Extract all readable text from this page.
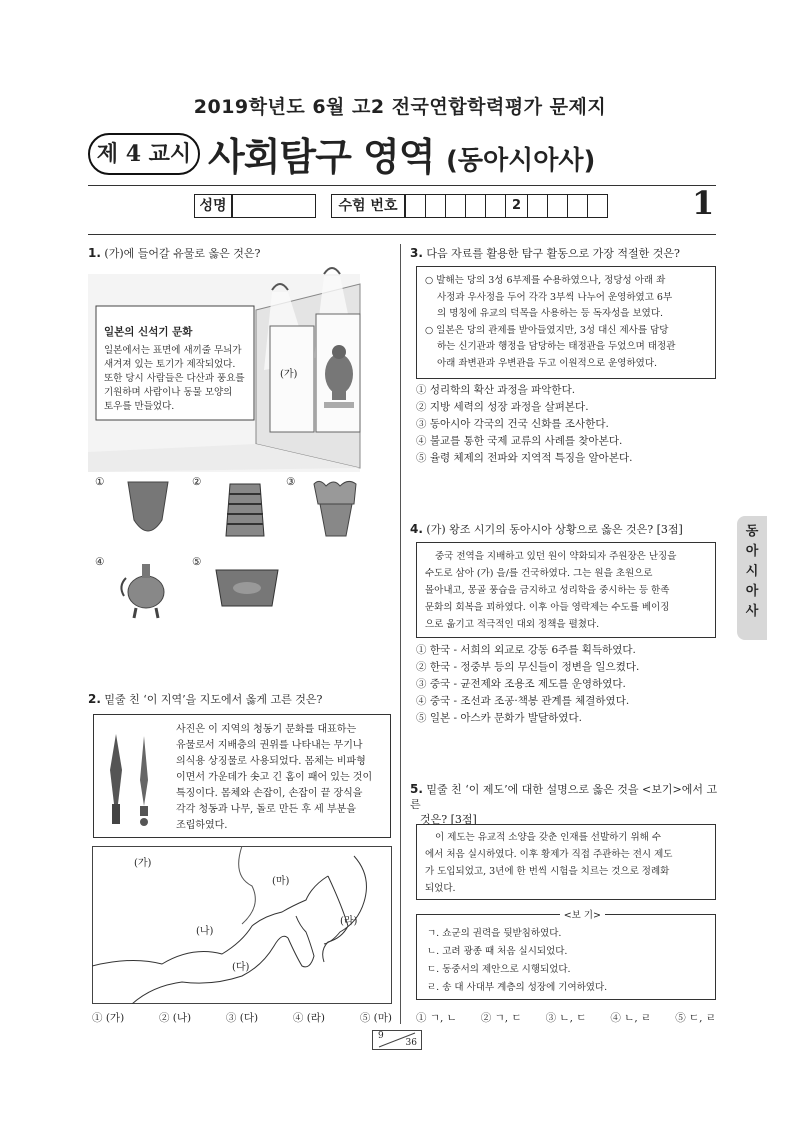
2019학년도 6월 고2 전국연합학력평가 문제지
제 4 교시 사회탐구 영역 (동아시아사)
성명	수험 번호	2	1
1. (가)에 들어갈 유물로 옳은 것은?
일본의 신석기 문화
일본에서는 표면에 새끼줄 무늬가
새겨져 있는 토기가 제작되었다.
또한 당시 사람들은 다산과 풍요를
기원하며 사람이나 동물 모양의
토우를 만들었다.
(가)
①	②	③
④	⑤
2. 밑줄 친 ‘이 지역’을 지도에서 옳게 고른 것은?
사진은 이 지역의 청동기 문화를 대표하는
유물로서 지배층의 권위를 나타내는 무기나
의식용 상징물로 사용되었다. 몸체는 비파형
이면서 가운데가 솟고 긴 홈이 패어 있는 것이
특징이다. 몸체와 손잡이, 손잡이 끝 장식을
각각 청동과 나무, 돌로 만든 후 세 부분을
조립하였다.
(가)
(나)
(다)
(라)
(마)
① (가)	② (나)	③ (다)	④ (라)	⑤ (마)
3. 다음 자료를 활용한 탐구 활동으로 가장 적절한 것은?
○ 발해는 당의 3성 6부제를 수용하였으나, 정당성 아래 좌
사정과 우사정을 두어 각각 3부씩 나누어 운영하였고 6부
의 명칭에 유교의 덕목을 사용하는 등 독자성을 보였다.
○ 일본은 당의 관제를 받아들였지만, 3성 대신 제사를 담당
하는 신기관과 행정을 담당하는 태정관을 두었으며 태정관
아래 좌변관과 우변관을 두고 이원적으로 운영하였다.
① 성리학의 확산 과정을 파악한다.
② 지방 세력의 성장 과정을 살펴본다.
③ 동아시아 각국의 건국 신화를 조사한다.
④ 불교를 통한 국제 교류의 사례를 찾아본다.
⑤ 율령 체제의 전파와 지역적 특징을 알아본다.
4. (가) 왕조 시기의 동아시아 상황으로 옳은 것은? [3점]
중국 전역을 지배하고 있던 원이 약화되자 주원장은 난징을
수도로 삼아 (가) 을/를 건국하였다. 그는 원을 초원으로
몰아내고, 몽골 풍습을 금지하고 성리학을 중시하는 등 한족
문화의 회복을 꾀하였다. 이후 아들 영락제는 수도를 베이징
으로 옮기고 적극적인 대외 정책을 펼쳤다.
① 한국 - 서희의 외교로 강동 6주를 획득하였다.
② 한국 - 정중부 등의 무신들이 정변을 일으켰다.
③ 중국 - 균전제와 조용조 제도를 운영하였다.
④ 중국 - 조선과 조공·책봉 관계를 체결하였다.
⑤ 일본 - 아스카 문화가 발달하였다.
5. 밑줄 친 ‘이 제도’에 대한 설명으로 옳은 것을 <보기>에서 고른
것은? [3점]
이 제도는 유교적 소양을 갖춘 인재를 선발하기 위해 수
에서 처음 실시하였다. 이후 황제가 직접 주관하는 전시 제도
가 도입되었고, 3년에 한 번씩 시험을 치르는 것으로 정례화
되었다.
<보 기>
ㄱ. 쇼군의 권력을 뒷받침하였다.
ㄴ. 고려 광종 때 처음 실시되었다.
ㄷ. 동중서의 제안으로 시행되었다.
ㄹ. 송 대 사대부 계층의 성장에 기여하였다.
① ㄱ, ㄴ ② ㄱ, ㄷ ③ ㄴ, ㄷ ④ ㄴ, ㄹ ⑤ ㄷ, ㄹ
동
아
시
아
사
9
36
